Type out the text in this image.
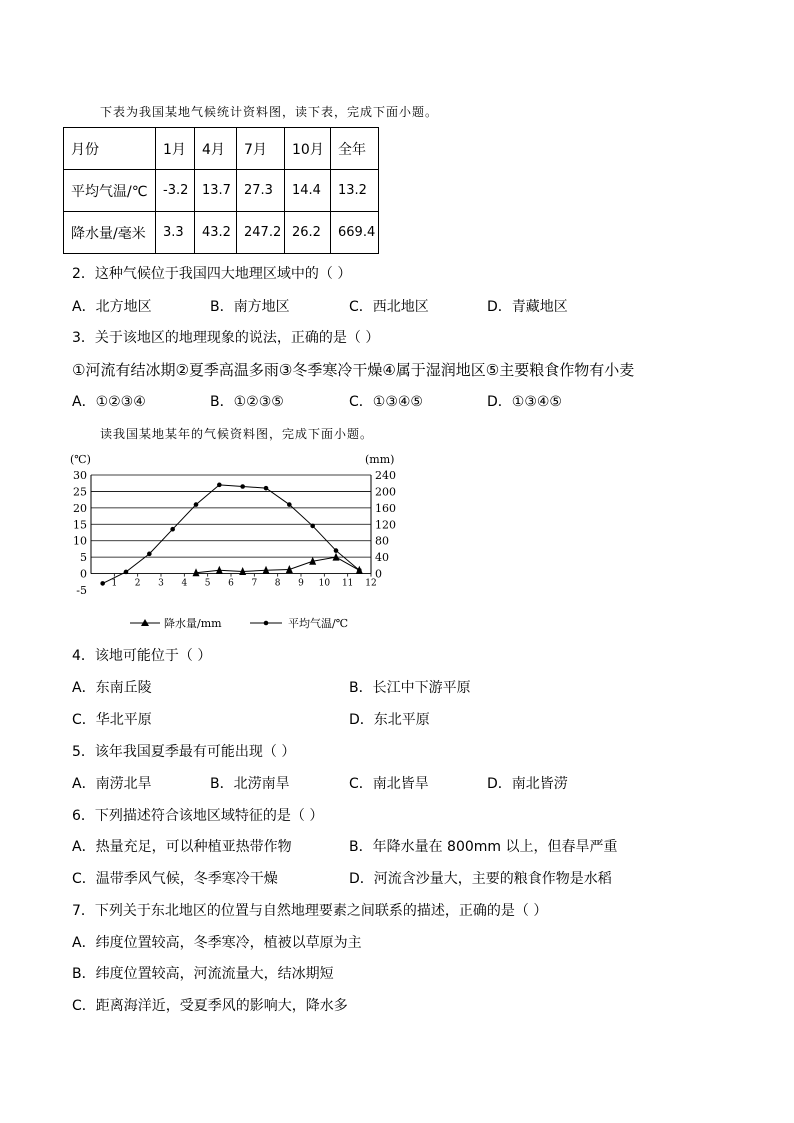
下表为我国某地气候统计资料图，读下表，完成下面小题。
月份	1月	4月	7月	10月	全年
平均气温/℃	-3.2	13.7	27.3	14.4	13.2
降水量/毫米	3.3	43.2	247.2	26.2	669.4
2．这种气候位于我国四大地理区域中的（ ）
A．北方地区	B．南方地区	C．西北地区	D．青藏地区
3．关于该地区的地理现象的说法，正确的是（ ）
①河流有结冰期②夏季高温多雨③冬季寒冷干燥④属于湿润地区⑤主要粮食作物有小麦
A．①②③④	B．①②③⑤	C．①③④⑤	D．①③④⑤
读我国某地某年的气候资料图，完成下面小题。
(℃)	(mm)
30
25
20
15
10
5
0
-5
240
200
160
120
80
40
0
1 2 3 4 5 6 7 8 9 10 11 12
降水量/mm	平均气温/℃
4．该地可能位于（ ）
A．东南丘陵	B．长江中下游平原
C．华北平原	D．东北平原
5．该年我国夏季最有可能出现（ ）
A．南涝北旱	B．北涝南旱	C．南北皆旱	D．南北皆涝
6．下列描述符合该地区域特征的是（ ）
A．热量充足，可以种植亚热带作物	B．年降水量在 800mm 以上，但春旱严重
C．温带季风气候，冬季寒冷干燥	D．河流含沙量大，主要的粮食作物是水稻
7．下列关于东北地区的位置与自然地理要素之间联系的描述，正确的是（ ）
A．纬度位置较高，冬季寒冷，植被以草原为主
B．纬度位置较高，河流流量大，结冰期短
C．距离海洋近，受夏季风的影响大，降水多
